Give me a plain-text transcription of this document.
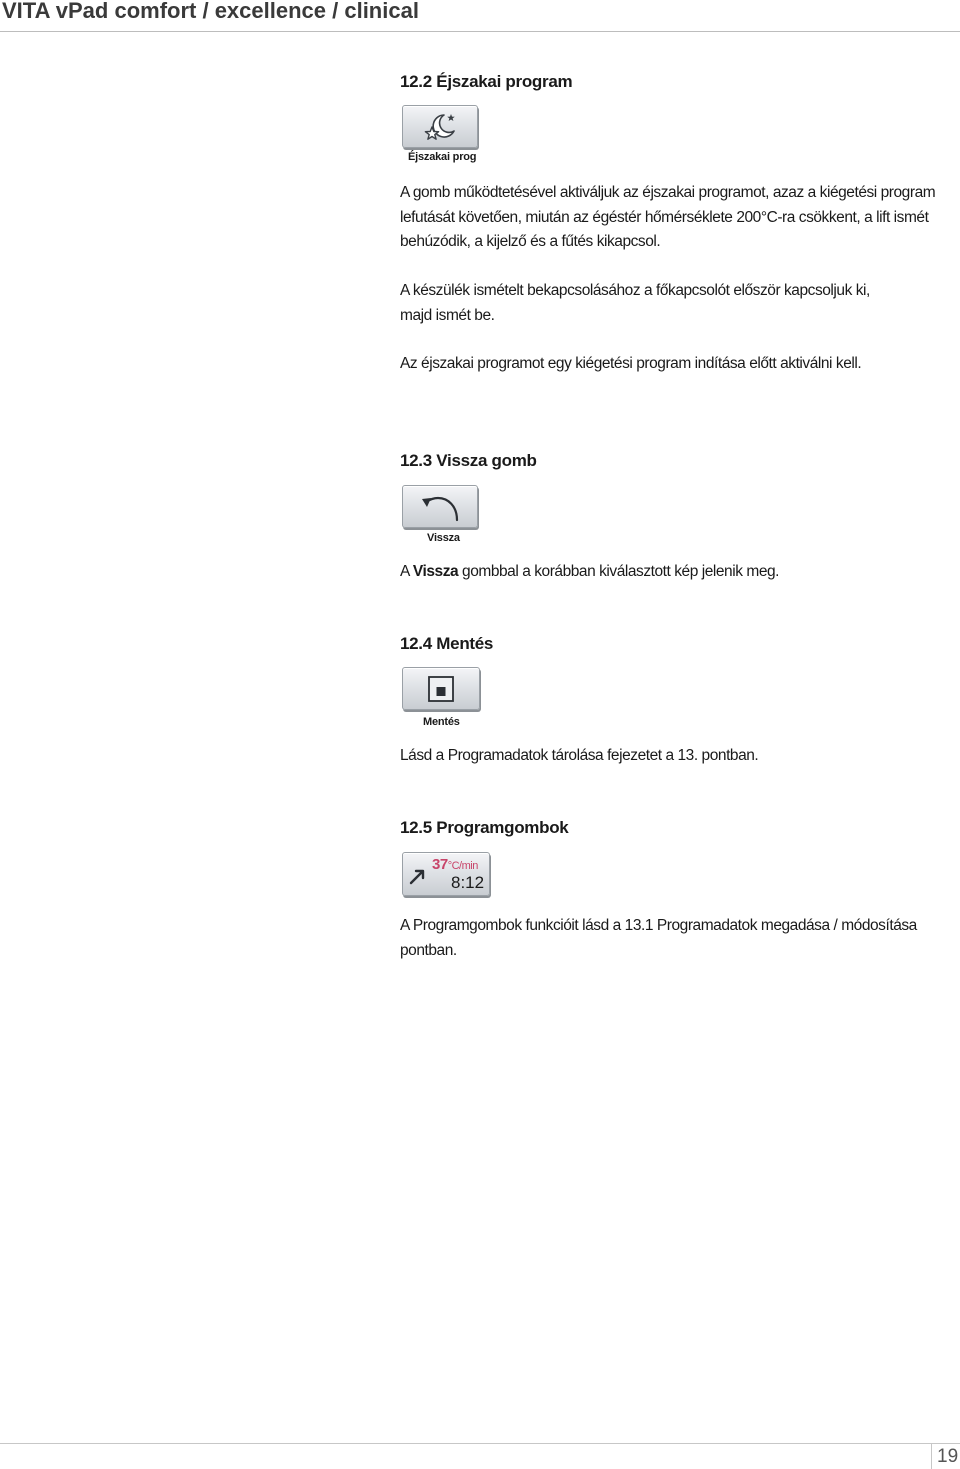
VITA vPad comfort / excellence / clinical
12.2 Éjszakai program
Éjszakai prog
A gomb működtetésével aktiváljuk az éjszakai programot, azaz a kiégetési program
lefutását követően, miután az égéstér hőmérséklete 200°C-ra csökkent, a lift ismét
behúzódik, a kijelző és a fűtés kikapcsol.
A készülék ismételt bekapcsolásához a főkapcsolót először kapcsoljuk ki,
majd ismét be.
Az éjszakai programot egy kiégetési program indítása előtt aktiválni kell.
12.3 Vissza gomb
Vissza
A Vissza gombbal a korábban kiválasztott kép jelenik meg.
12.4 Mentés
Mentés
Lásd a Programadatok tárolása fejezetet a 13. pontban.
12.5 Programgombok
37°C/min
8:12
A Programgombok funkcióit lásd a 13.1 Programadatok megadása / módosítása
pontban.
19
